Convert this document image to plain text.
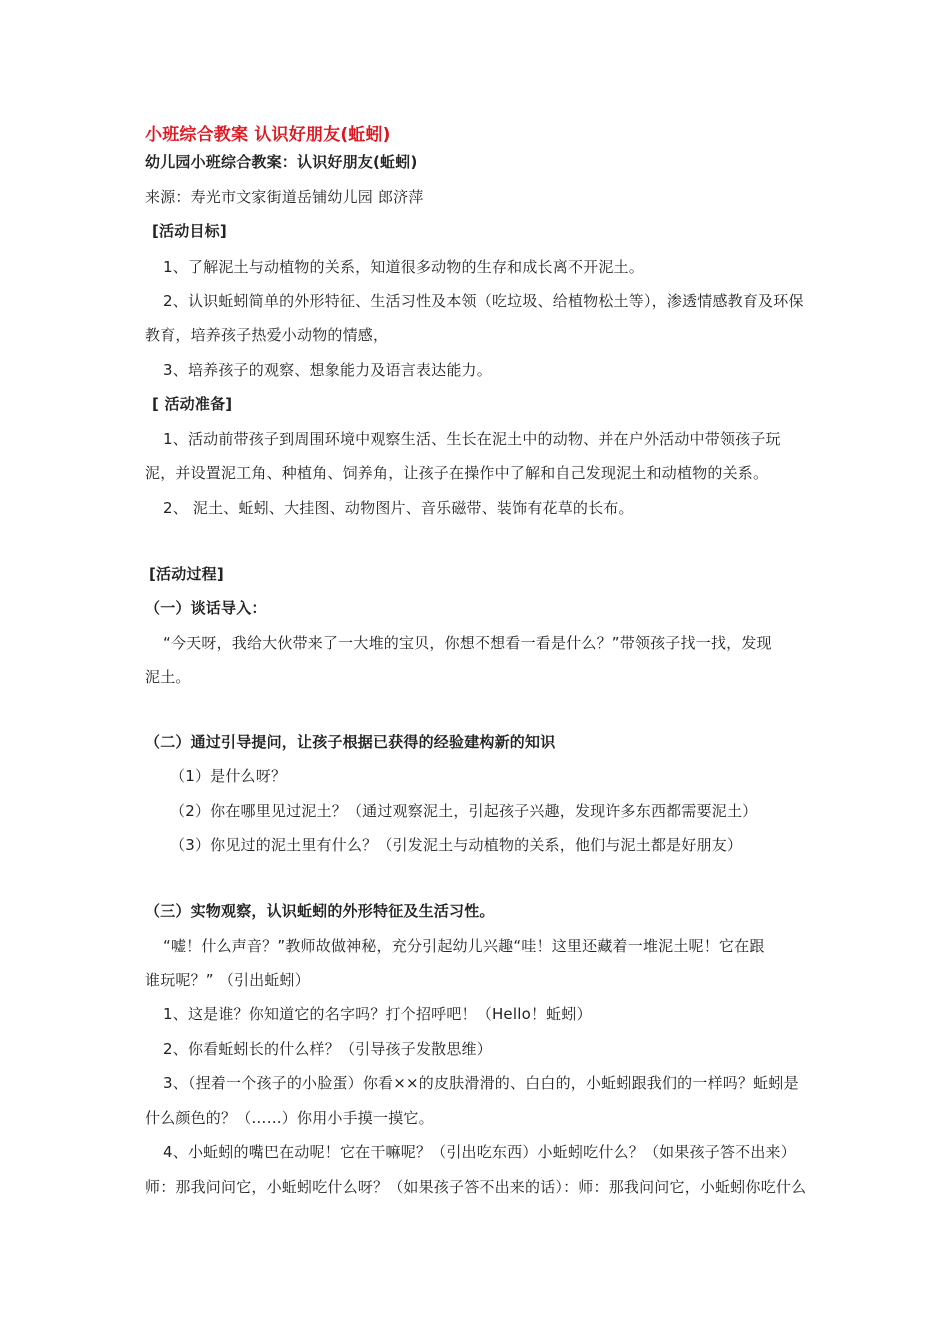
小班综合教案 认识好朋友(蚯蚓)
幼儿园小班综合教案：认识好朋友(蚯蚓)
来源：寿光市文家街道岳铺幼儿园 郎济萍
[活动目标]
1、了解泥土与动植物的关系，知道很多动物的生存和成长离不开泥土。
2、认识蚯蚓简单的外形特征、生活习性及本领（吃垃圾、给植物松土等），渗透情感教育及环保
教育，培养孩子热爱小动物的情感，
3、培养孩子的观察、想象能力及语言表达能力。
[ 活动准备]
1、活动前带孩子到周围环境中观察生活、生长在泥土中的动物、并在户外活动中带领孩子玩
泥，并设置泥工角、种植角、饲养角，让孩子在操作中了解和自己发现泥土和动植物的关系。
2、 泥土、蚯蚓、大挂图、动物图片、音乐磁带、装饰有花草的长布。
[活动过程]
（一）谈话导入：
“今天呀，我给大伙带来了一大堆的宝贝，你想不想看一看是什么？”带领孩子找一找，发现
泥土。
（二）通过引导提问，让孩子根据已获得的经验建构新的知识
（1）是什么呀？
（2）你在哪里见过泥土？（通过观察泥土，引起孩子兴趣，发现许多东西都需要泥土）
（3）你见过的泥土里有什么？（引发泥土与动植物的关系，他们与泥土都是好朋友）
（三）实物观察，认识蚯蚓的外形特征及生活习性。
“嘘！什么声音？”教师故做神秘，充分引起幼儿兴趣“哇！这里还藏着一堆泥土呢！它在跟
谁玩呢？” （引出蚯蚓）
1、这是谁？你知道它的名字吗？打个招呼吧！（Hello！蚯蚓）
2、你看蚯蚓长的什么样？（引导孩子发散思维）
3、（捏着一个孩子的小脸蛋）你看××的皮肤滑滑的、白白的，小蚯蚓跟我们的一样吗？蚯蚓是
什么颜色的？（……）你用小手摸一摸它。
4、小蚯蚓的嘴巴在动呢！它在干嘛呢？（引出吃东西）小蚯蚓吃什么？（如果孩子答不出来）
师：那我问问它，小蚯蚓吃什么呀？（如果孩子答不出来的话）：师：那我问问它，小蚯蚓你吃什么
